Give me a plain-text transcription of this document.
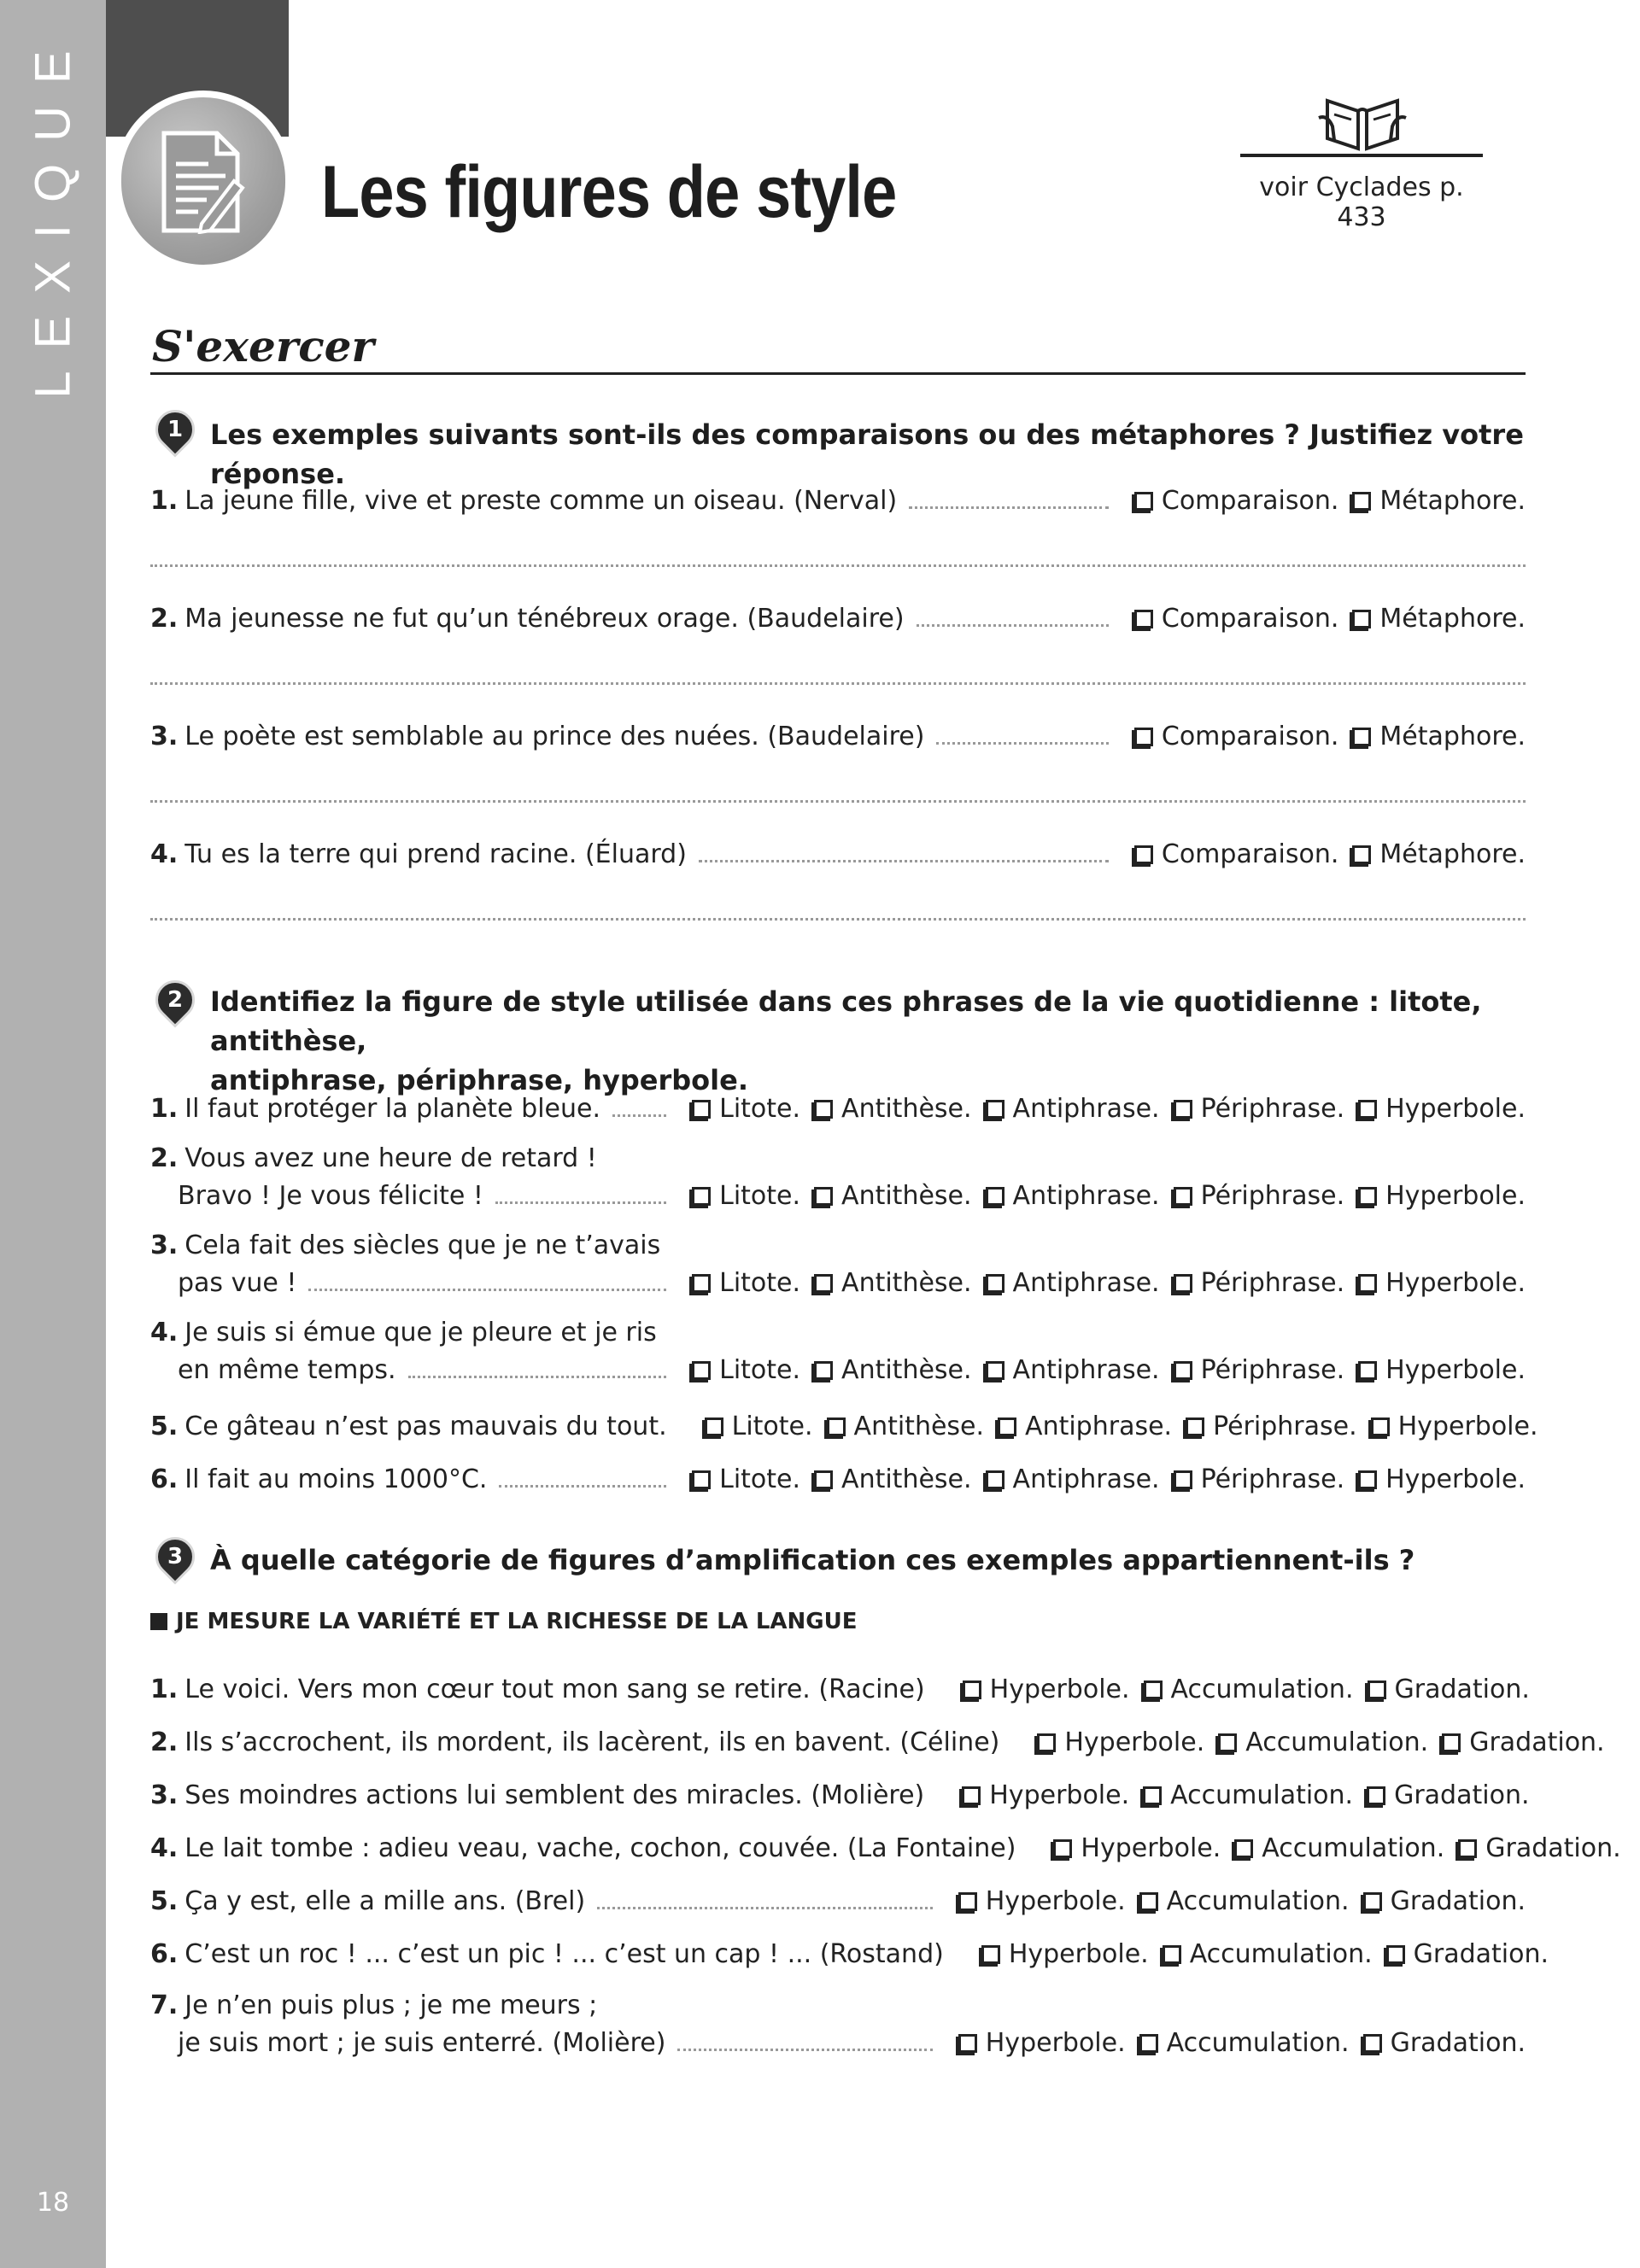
LEXIQUE
18
Les figures de style	voir Cyclades p. 433
S'exercer
1 Les exemples suivants sont-ils des comparaisons ou des métaphores ? Justifiez votre réponse.
1. La jeune fille, vive et preste comme un oiseau. (Nerval)	Comparaison.	Métaphore.
2. Ma jeunesse ne fut qu’un ténébreux orage. (Baudelaire)	Comparaison.	Métaphore.
3. Le poète est semblable au prince des nuées. (Baudelaire)	Comparaison.	Métaphore.
4. Tu es la terre qui prend racine. (Éluard)	Comparaison.	Métaphore.
2 Identifiez la figure de style utilisée dans ces phrases de la vie quotidienne : litote, antithèse,
antiphrase, périphrase, hyperbole.
1. Il faut protéger la planète bleue.	Litote.	Antithèse.	Antiphrase.	Périphrase.	Hyperbole.
2. Vous avez une heure de retard !
Bravo ! Je vous félicite !	Litote.	Antithèse.	Antiphrase.	Périphrase.	Hyperbole.
3. Cela fait des siècles que je ne t’avais
pas vue !	Litote.	Antithèse.	Antiphrase.	Périphrase.	Hyperbole.
4. Je suis si émue que je pleure et je ris
en même temps.	Litote.	Antithèse.	Antiphrase.	Périphrase.	Hyperbole.
5. Ce gâteau n’est pas mauvais du tout.	Litote.	Antithèse.	Antiphrase.	Périphrase.	Hyperbole.
6. Il fait au moins 1000°C.	Litote.	Antithèse.	Antiphrase.	Périphrase.	Hyperbole.
3 À quelle catégorie de figures d’amplification ces exemples appartiennent-ils ?
JE MESURE LA VARIÉTÉ ET LA RICHESSE DE LA LANGUE
1. Le voici. Vers mon cœur tout mon sang se retire. (Racine)	Hyperbole.	Accumulation.	Gradation.
2. Ils s’accrochent, ils mordent, ils lacèrent, ils en bavent. (Céline)	Hyperbole.	Accumulation.	Gradation.
3. Ses moindres actions lui semblent des miracles. (Molière)	Hyperbole.	Accumulation.	Gradation.
4. Le lait tombe : adieu veau, vache, cochon, couvée. (La Fontaine)	Hyperbole.	Accumulation.	Gradation.
5. Ça y est, elle a mille ans. (Brel)	Hyperbole.	Accumulation.	Gradation.
6. C’est un roc ! ... c’est un pic ! ... c’est un cap ! ... (Rostand)	Hyperbole.	Accumulation.	Gradation.
7. Je n’en puis plus ; je me meurs ;
je suis mort ; je suis enterré. (Molière)	Hyperbole.	Accumulation.	Gradation.
